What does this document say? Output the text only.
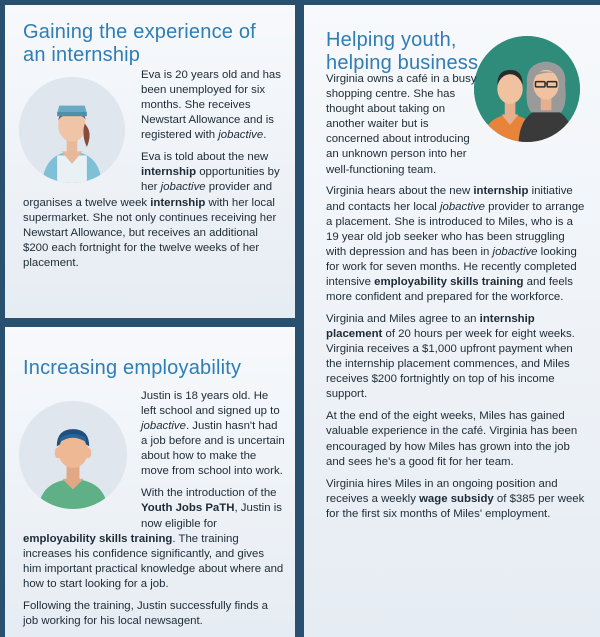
Gaining the experience of
an internship

Eva is 20 years old and has been unemployed for six months. She receives Newstart Allowance and is registered with jobactive.

Eva is told about the new internship opportunities by her jobactive provider and organises a twelve week internship with her local supermarket. She not only continues receiving her Newstart Allowance, but receives an additional $200 each fortnight for the twelve weeks of her placement.

Increasing employability

Justin is 18 years old. He left school and signed up to jobactive. Justin hasn't had a job before and is uncertain about how to make the move from school into work.

With the introduction of the Youth Jobs PaTH, Justin is now eligible for employability skills training. The training increases his confidence significantly, and gives him important practical knowledge about where and how to start looking for a job.

Following the training, Justin successfully finds a job working for his local newsagent.

Helping youth,
helping business

Virginia owns a café in a busy shopping centre. She has thought about taking on another waiter but is concerned about introducing an unknown person into her well-functioning team.

Virginia hears about the new internship initiative and contacts her local jobactive provider to arrange a placement. She is introduced to Miles, who is a 19 year old job seeker who has been struggling with depression and has been in jobactive looking for work for seven months. He recently completed intensive employability skills training and feels more confident and prepared for the workforce.

Virginia and Miles agree to an internship placement of 20 hours per week for eight weeks. Virginia receives a $1,000 upfront payment when the internship placement commences, and Miles receives $200 fortnightly on top of his income support.

At the end of the eight weeks, Miles has gained valuable experience in the café. Virginia has been encouraged by how Miles has grown into the job and sees he's a good fit for her team.

Virginia hires Miles in an ongoing position and receives a weekly wage subsidy of $385 per week for the first six months of Miles' employment.
